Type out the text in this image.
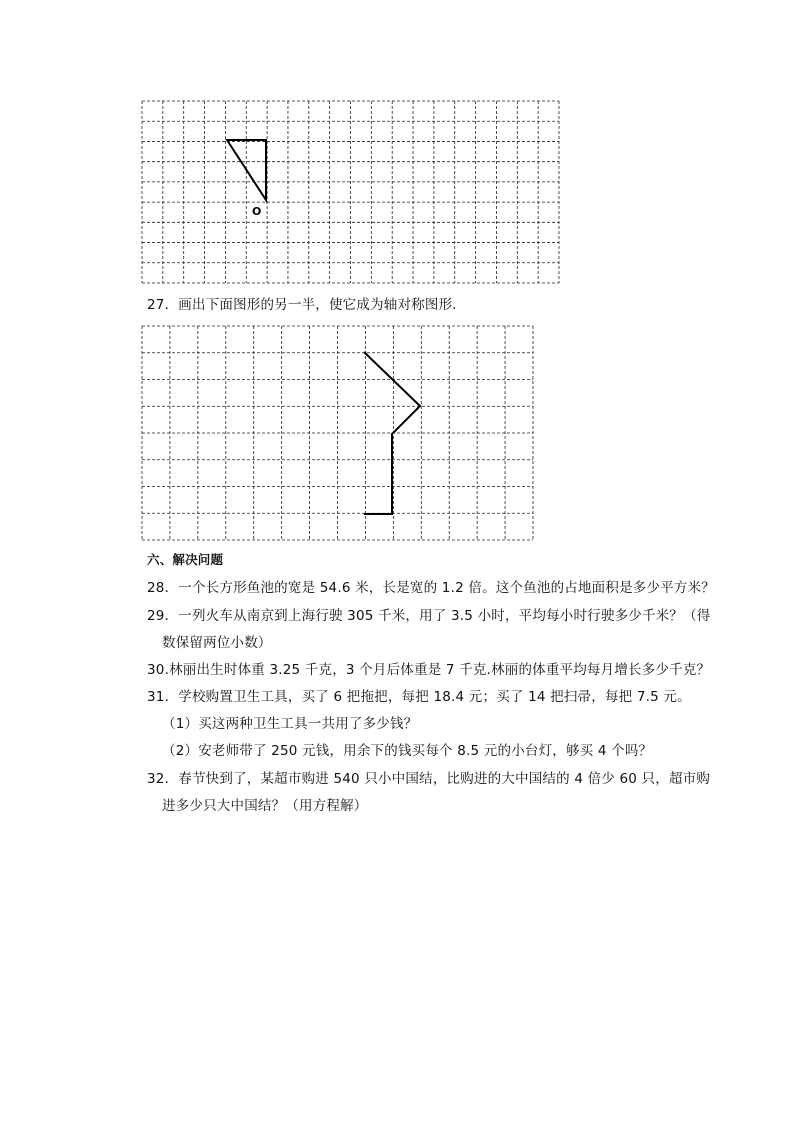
O
27．画出下面图形的另一半，使它成为轴对称图形．
六、解决问题
28．一个长方形鱼池的宽是 54.6 米，长是宽的 1.2 倍。这个鱼池的占地面积是多少平方米？
29．一列火车从南京到上海行驶 305 千米，用了 3.5 小时，平均每小时行驶多少千米？（得
数保留两位小数）
30.林丽出生时体重 3.25 千克，3 个月后体重是 7 千克.林丽的体重平均每月增长多少千克？
31．学校购置卫生工具，买了 6 把拖把，每把 18.4 元；买了 14 把扫帚，每把 7.5 元。
（1）买这两种卫生工具一共用了多少钱？
（2）安老师带了 250 元钱，用余下的钱买每个 8.5 元的小台灯，够买 4 个吗？
32．春节快到了，某超市购进 540 只小中国结，比购进的大中国结的 4 倍少 60 只，超市购
进多少只大中国结？（用方程解）
